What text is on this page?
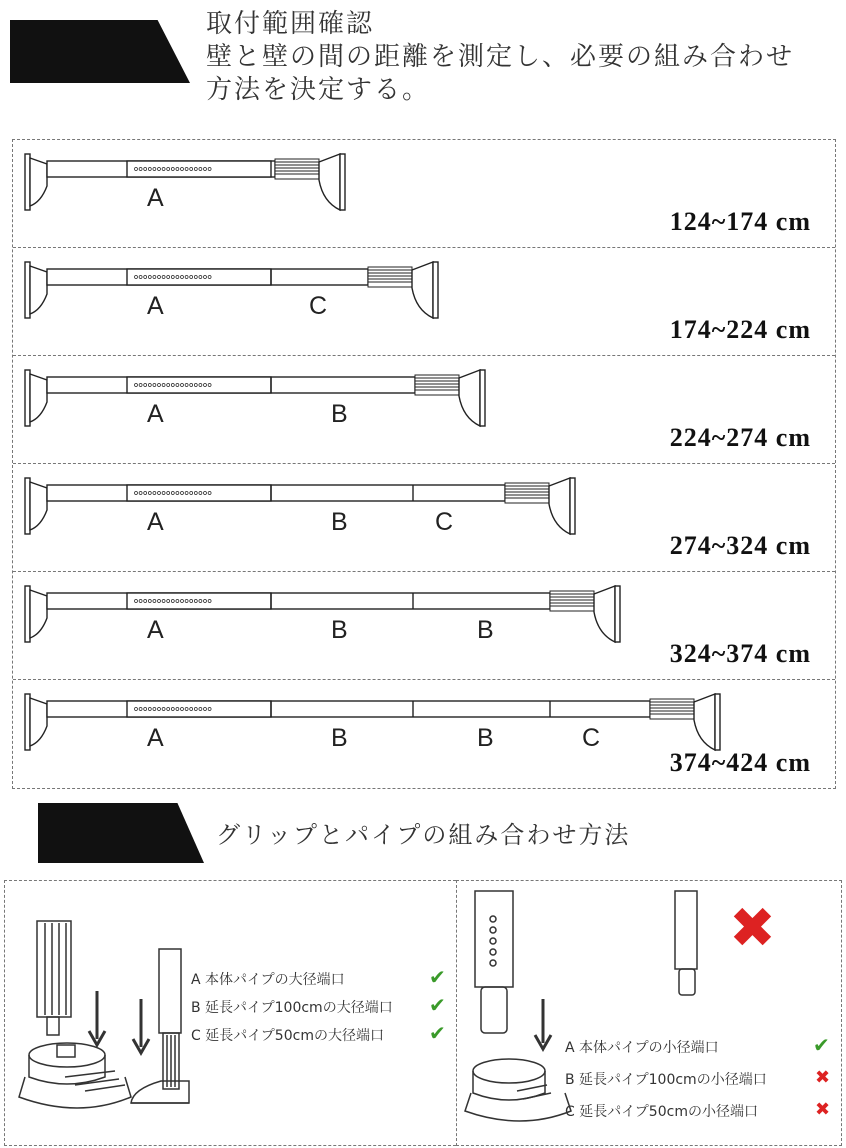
取付範囲確認
壁と壁の間の距離を測定し、必要の組み合わせ
方法を決定する。
A
124~174 cm
A	C
174~224 cm
A	B
224~274 cm
A	B	C
274~324 cm
A	B	B
324~374 cm
A	B	B	C
374~424 cm
グリップとパイプの組み合わせ方法
A 本体パイプの大径端口	✔
B 延長パイプ100cmの大径端口 ✔
C 延長パイプ50cmの大径端口 ✔
✖
A 本体パイプの小径端口	✔
B 延長パイプ100cmの小径端口	✖
C 延長パイプ50cmの小径端口	✖
